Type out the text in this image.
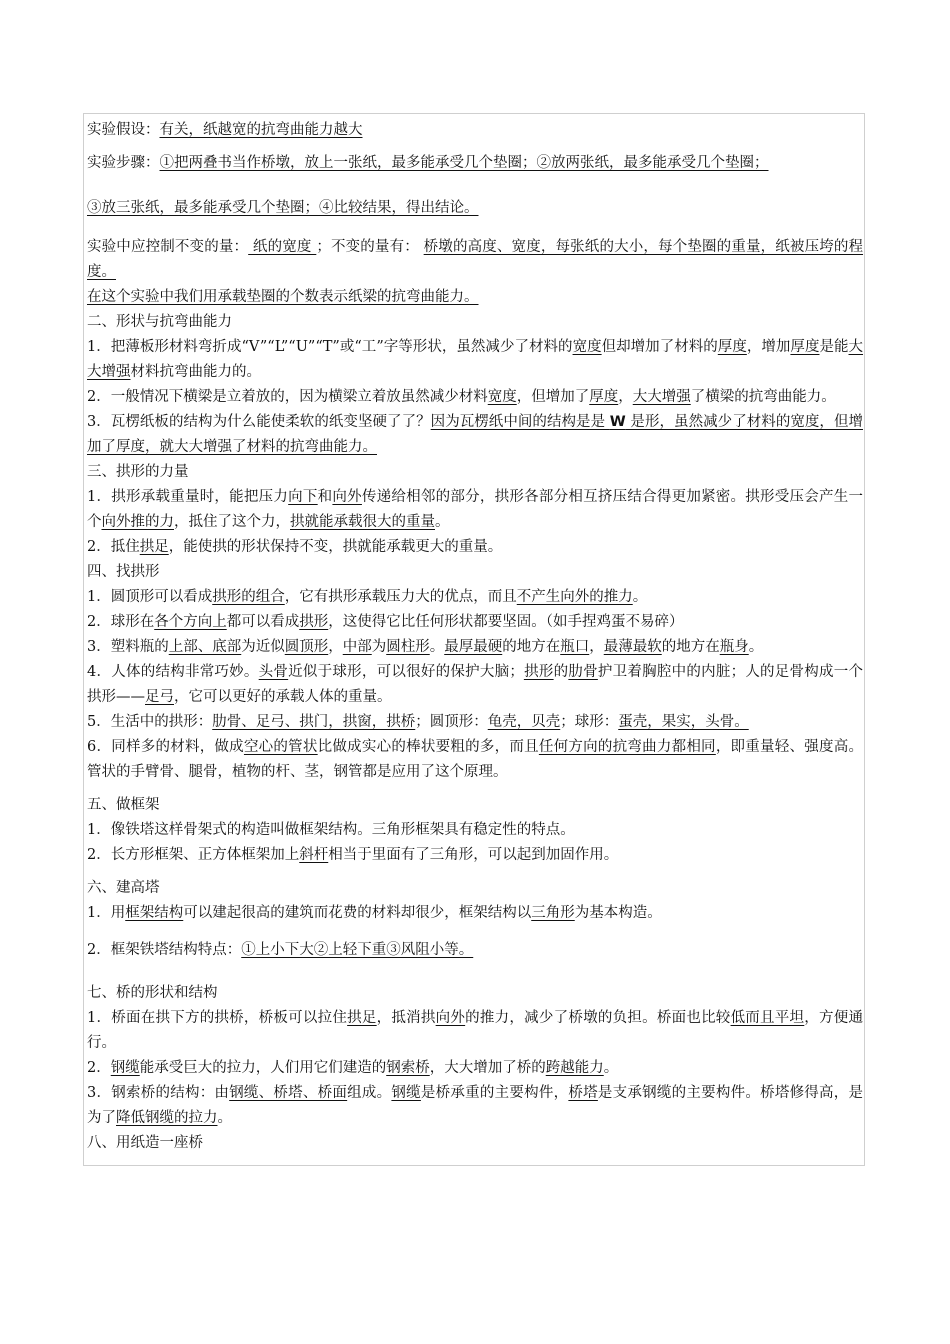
实验假设：有关，纸越宽的抗弯曲能力越大

实验步骤：①把两叠书当作桥墩，放上一张纸，最多能承受几个垫圈；②放两张纸，最多能承受几个垫圈；

③放三张纸，最多能承受几个垫圈；④比较结果，得出结论。

实验中应控制不变的量： 纸的宽度 ；不变的量有： 桥墩的高度、宽度，每张纸的大小，每个垫圈的重量，纸被压垮的程度。

在这个实验中我们用承载垫圈的个数表示纸梁的抗弯曲能力。

二、形状与抗弯曲能力

1．把薄板形材料弯折成“V”“L”“U”“T”或“工”字等形状，虽然减少了材料的宽度但却增加了材料的厚度，增加厚度是能大大增强材料抗弯曲能力的。

2．一般情况下横梁是立着放的，因为横梁立着放虽然减少材料宽度，但增加了厚度，大大增强了横梁的抗弯曲能力。

3．瓦楞纸板的结构为什么能使柔软的纸变坚硬了了？因为瓦楞纸中间的结构是是 W 是形，虽然减少了材料的宽度，但增加了厚度，就大大增强了材料的抗弯曲能力。

三、拱形的力量

1．拱形承载重量时，能把压力向下和向外传递给相邻的部分，拱形各部分相互挤压结合得更加紧密。拱形受压会产生一个向外推的力，抵住了这个力，拱就能承载很大的重量。

2．抵住拱足，能使拱的形状保持不变，拱就能承载更大的重量。

四、找拱形

1．圆顶形可以看成拱形的组合，它有拱形承载压力大的优点，而且不产生向外的推力。

2．球形在各个方向上都可以看成拱形，这使得它比任何形状都要坚固。（如手捏鸡蛋不易碎）

3．塑料瓶的上部、底部为近似圆顶形，中部为圆柱形。最厚最硬的地方在瓶口，最薄最软的地方在瓶身。

4．人体的结构非常巧妙。头骨近似于球形，可以很好的保护大脑；拱形的肋骨护卫着胸腔中的内脏；人的足骨构成一个拱形——足弓，它可以更好的承载人体的重量。

5．生活中的拱形：肋骨、足弓、拱门，拱窗，拱桥；圆顶形：龟壳，贝壳；球形：蛋壳，果实，头骨。

6．同样多的材料，做成空心的管状比做成实心的棒状要粗的多，而且任何方向的抗弯曲力都相同，即重量轻、强度高。管状的手臂骨、腿骨，植物的杆、茎，钢管都是应用了这个原理。

五、做框架

1．像铁塔这样骨架式的构造叫做框架结构。三角形框架具有稳定性的特点。

2．长方形框架、正方体框架加上斜杆相当于里面有了三角形，可以起到加固作用。

六、建高塔

1．用框架结构可以建起很高的建筑而花费的材料却很少，框架结构以三角形为基本构造。

2．框架铁塔结构特点：①上小下大②上轻下重③风阻小等。

七、桥的形状和结构

1．桥面在拱下方的拱桥，桥板可以拉住拱足，抵消拱向外的推力，减少了桥墩的负担。桥面也比较低而且平坦，方便通行。

2．钢缆能承受巨大的拉力，人们用它们建造的钢索桥，大大增加了桥的跨越能力。

3．钢索桥的结构：由钢缆、桥塔、桥面组成。钢缆是桥承重的主要构件，桥塔是支承钢缆的主要构件。桥塔修得高，是为了降低钢缆的拉力。

八、用纸造一座桥
